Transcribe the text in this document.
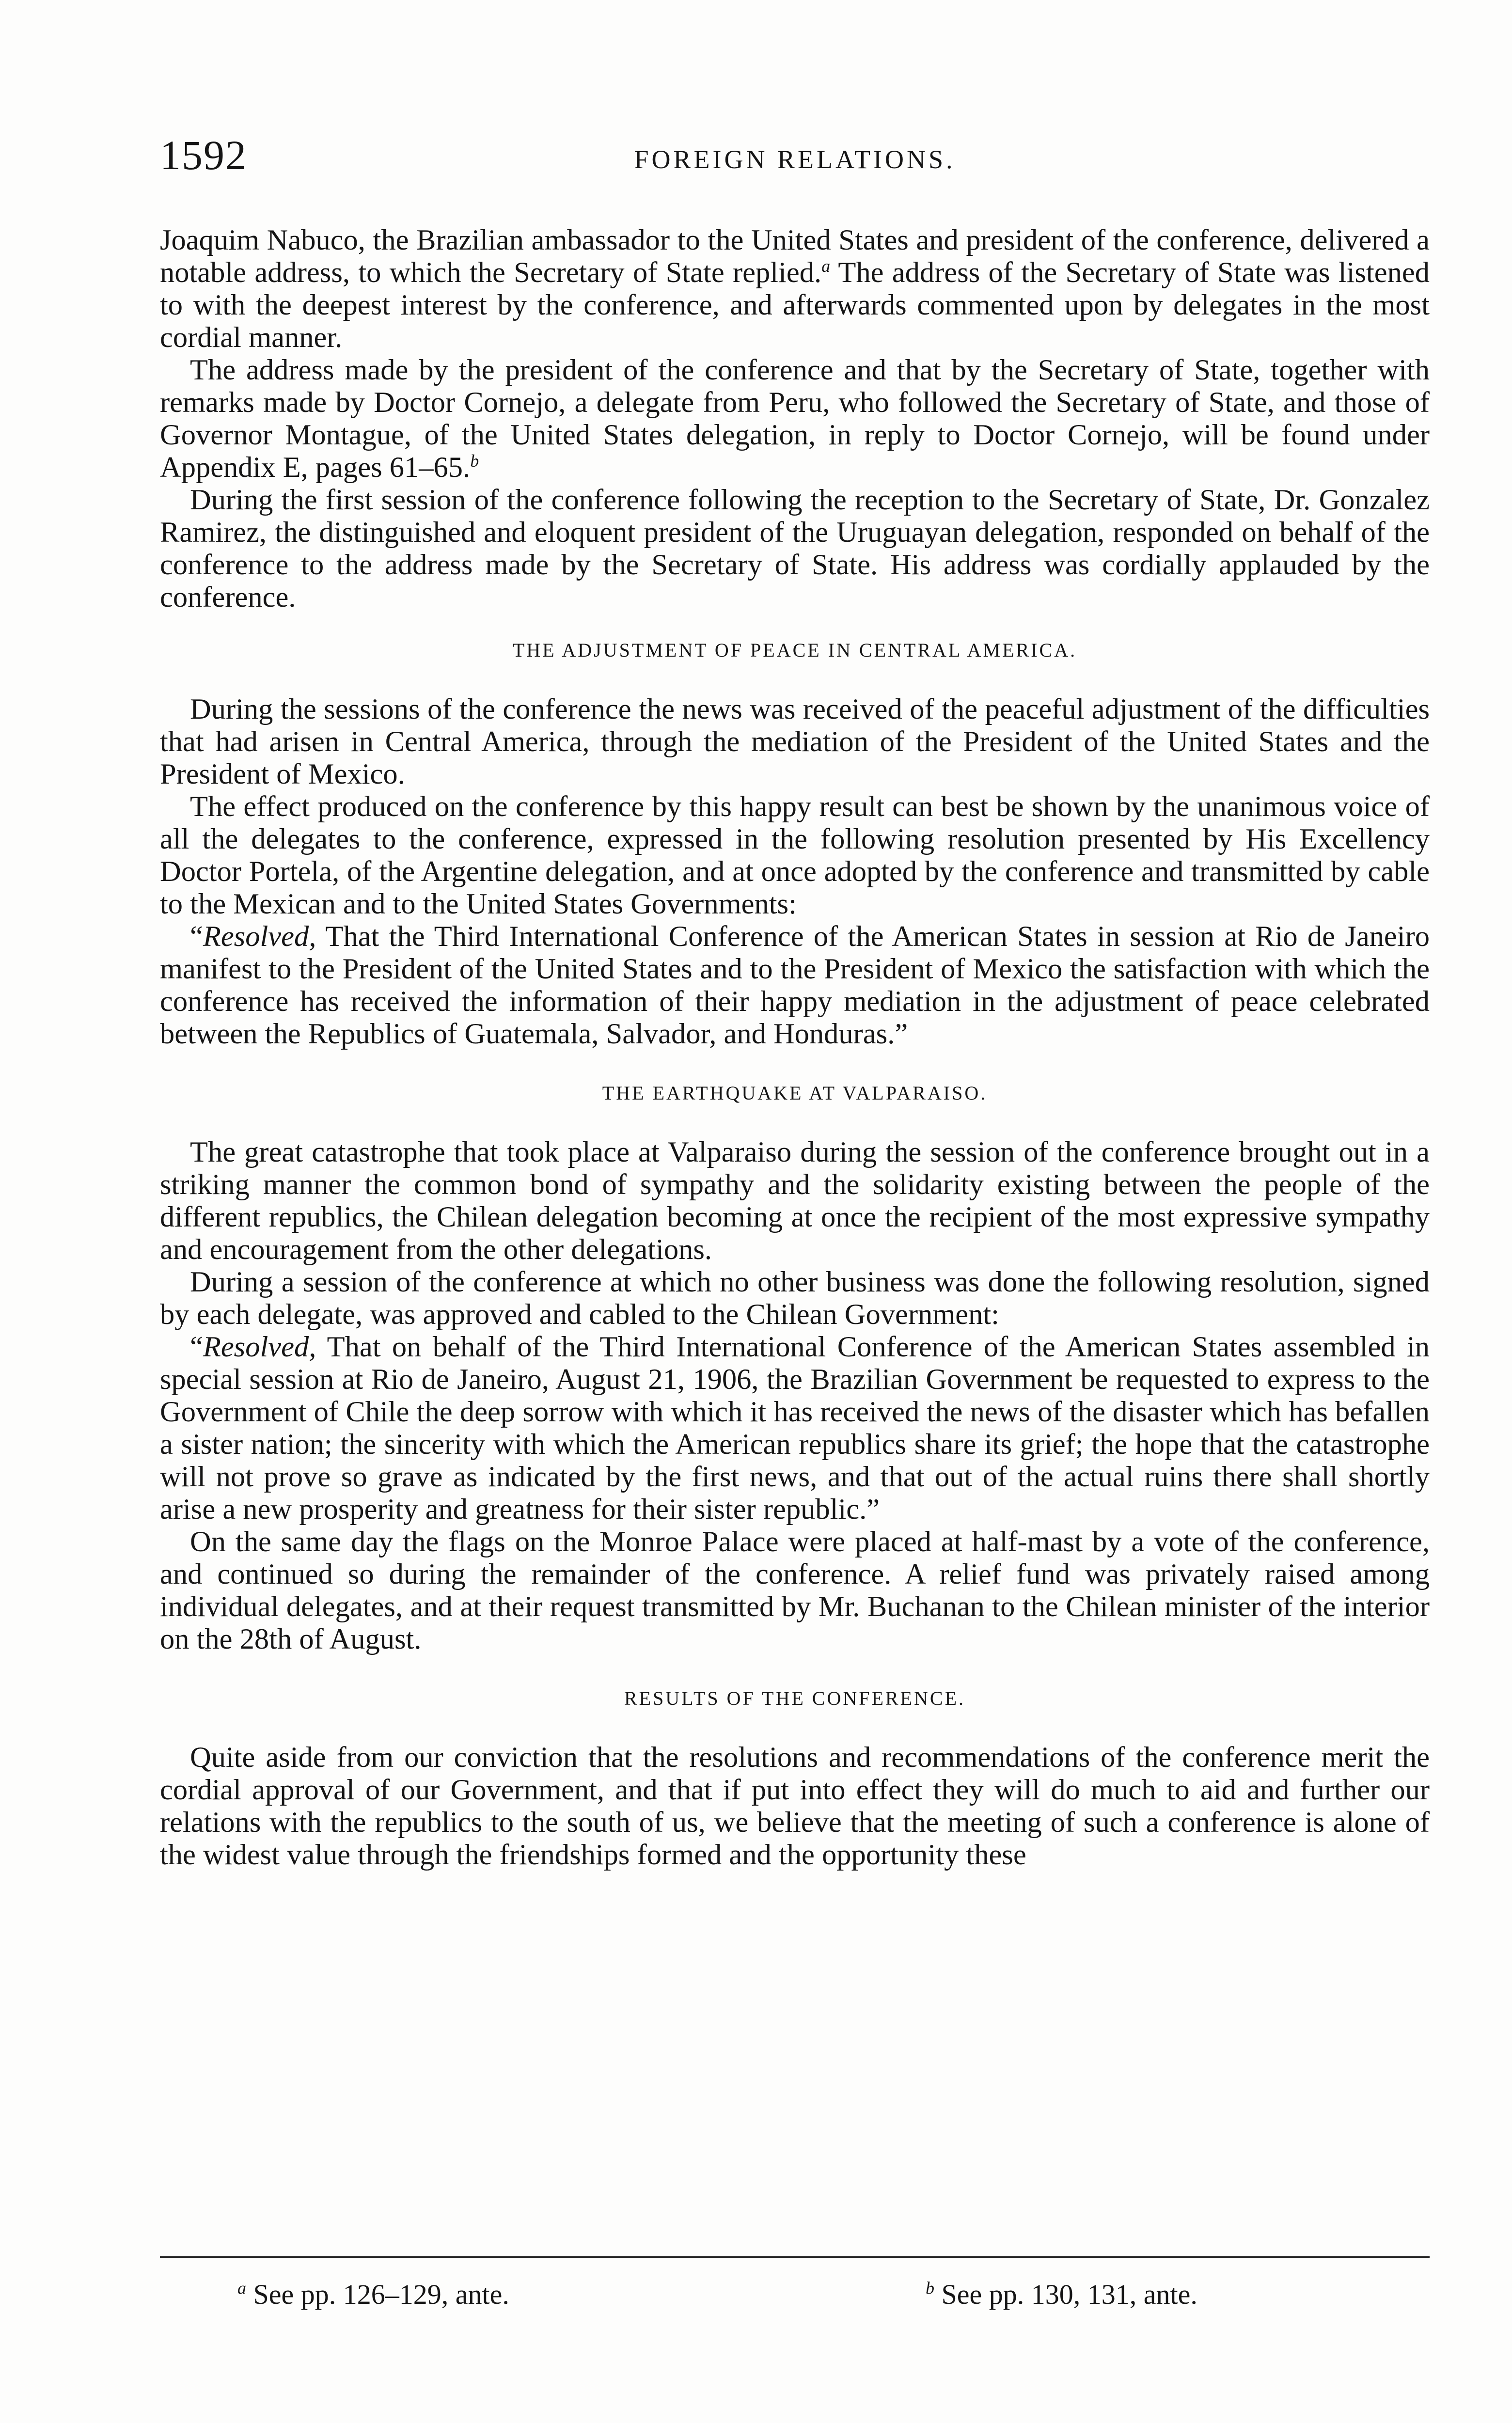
1592	FOREIGN RELATIONS.

Joaquim Nabuco, the Brazilian ambassador to the United States and president of the conference, delivered a notable address, to which the Secretary of State replied.$^a$ The address of the Secretary of State was listened to with the deepest interest by the conference, and afterwards commented upon by delegates in the most cordial manner.

The address made by the president of the conference and that by the Secretary of State, together with remarks made by Doctor Cornejo, a delegate from Peru, who followed the Secretary of State, and those of Governor Montague, of the United States delegation, in reply to Doctor Cornejo, will be found under Appendix E, pages 61–65.$^b$

During the first session of the conference following the reception to the Secretary of State, Dr. Gonzalez Ramirez, the distinguished and eloquent president of the Uruguayan delegation, responded on behalf of the conference to the address made by the Secretary of State. His address was cordially applauded by the conference.

THE ADJUSTMENT OF PEACE IN CENTRAL AMERICA.

During the sessions of the conference the news was received of the peaceful adjustment of the difficulties that had arisen in Central America, through the mediation of the President of the United States and the President of Mexico.

The effect produced on the conference by this happy result can best be shown by the unanimous voice of all the delegates to the conference, expressed in the following resolution presented by His Excellency Doctor Portela, of the Argentine delegation, and at once adopted by the conference and transmitted by cable to the Mexican and to the United States Governments:

“Resolved, That the Third International Conference of the American States in session at Rio de Janeiro manifest to the President of the United States and to the President of Mexico the satisfaction with which the conference has received the information of their happy mediation in the adjustment of peace celebrated between the Republics of Guatemala, Salvador, and Honduras.”

THE EARTHQUAKE AT VALPARAISO.

The great catastrophe that took place at Valparaiso during the session of the conference brought out in a striking manner the common bond of sympathy and the solidarity existing between the people of the different republics, the Chilean delegation becoming at once the recipient of the most expressive sympathy and encouragement from the other delegations.

During a session of the conference at which no other business was done the following resolution, signed by each delegate, was approved and cabled to the Chilean Government:

“Resolved, That on behalf of the Third International Conference of the American States assembled in special session at Rio de Janeiro, August 21, 1906, the Brazilian Government be requested to express to the Government of Chile the deep sorrow with which it has received the news of the disaster which has befallen a sister nation; the sincerity with which the American republics share its grief; the hope that the catastrophe will not prove so grave as indicated by the first news, and that out of the actual ruins there shall shortly arise a new prosperity and greatness for their sister republic.”

On the same day the flags on the Monroe Palace were placed at half-mast by a vote of the conference, and continued so during the remainder of the conference. A relief fund was privately raised among individual delegates, and at their request transmitted by Mr. Buchanan to the Chilean minister of the interior on the 28th of August.

RESULTS OF THE CONFERENCE.

Quite aside from our conviction that the resolutions and recommendations of the conference merit the cordial approval of our Government, and that if put into effect they will do much to aid and further our relations with the republics to the south of us, we believe that the meeting of such a conference is alone of the widest value through the friendships formed and the opportunity these

$^a$ See pp. 126–129, ante.	$^b$ See pp. 130, 131, ante.
